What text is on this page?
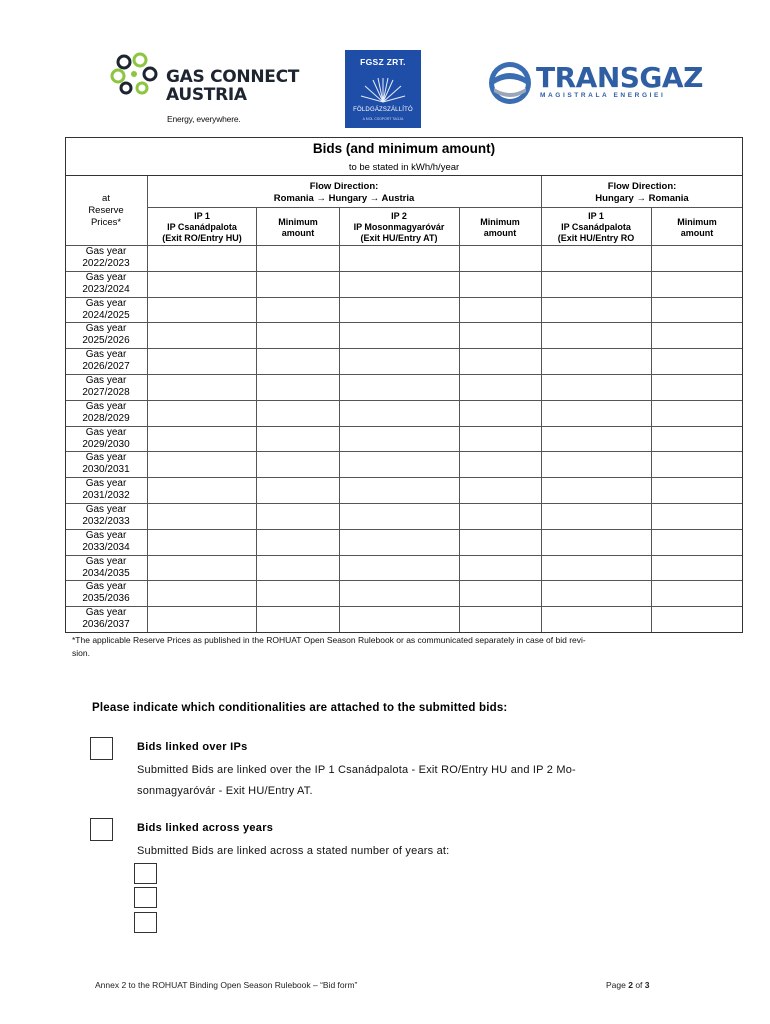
GAS CONNECT
AUSTRIA
Energy, everywhere.
FGSZ ZRT.
FÖLDGÁZSZÁLLÍTÓ
A MOL CSOPORT TAGJA
TRANSGAZ
MAGISTRALA ENERGIEI
Bids (and minimum amount)
to be stated in kWh/h/year
at
Reserve
Prices*
Flow Direction:
Romania → Hungary → Austria
Flow Direction:
Hungary → Romania
IP 1
IP Csanádpalota
(Exit RO/Entry HU)
Minimum
amount
IP 2
IP Mosonmagyaróvár
(Exit HU/Entry AT)
Minimum
amount
IP 1
IP Csanádpalota
(Exit HU/Entry RO
Minimum
amount
Gas year
2022/2023
Gas year
2023/2024
Gas year
2024/2025
Gas year
2025/2026
Gas year
2026/2027
Gas year
2027/2028
Gas year
2028/2029
Gas year
2029/2030
Gas year
2030/2031
Gas year
2031/2032
Gas year
2032/2033
Gas year
2033/2034
Gas year
2034/2035
Gas year
2035/2036
Gas year
2036/2037
*The applicable Reserve Prices as published in the ROHUAT Open Season Rulebook or as communicated separately in case of bid revi-
sion.
Please indicate which conditionalities are attached to the submitted bids:
Bids linked over IPs
Submitted Bids are linked over the IP 1 Csanádpalota - Exit RO/Entry HU and IP 2 Mo-
sonmagyaróvár - Exit HU/Entry AT.
Bids linked across years
Submitted Bids are linked across a stated number of years at:
Annex 2 to the ROHUAT Binding Open Season Rulebook – “Bid form”	Page 2 of 3
